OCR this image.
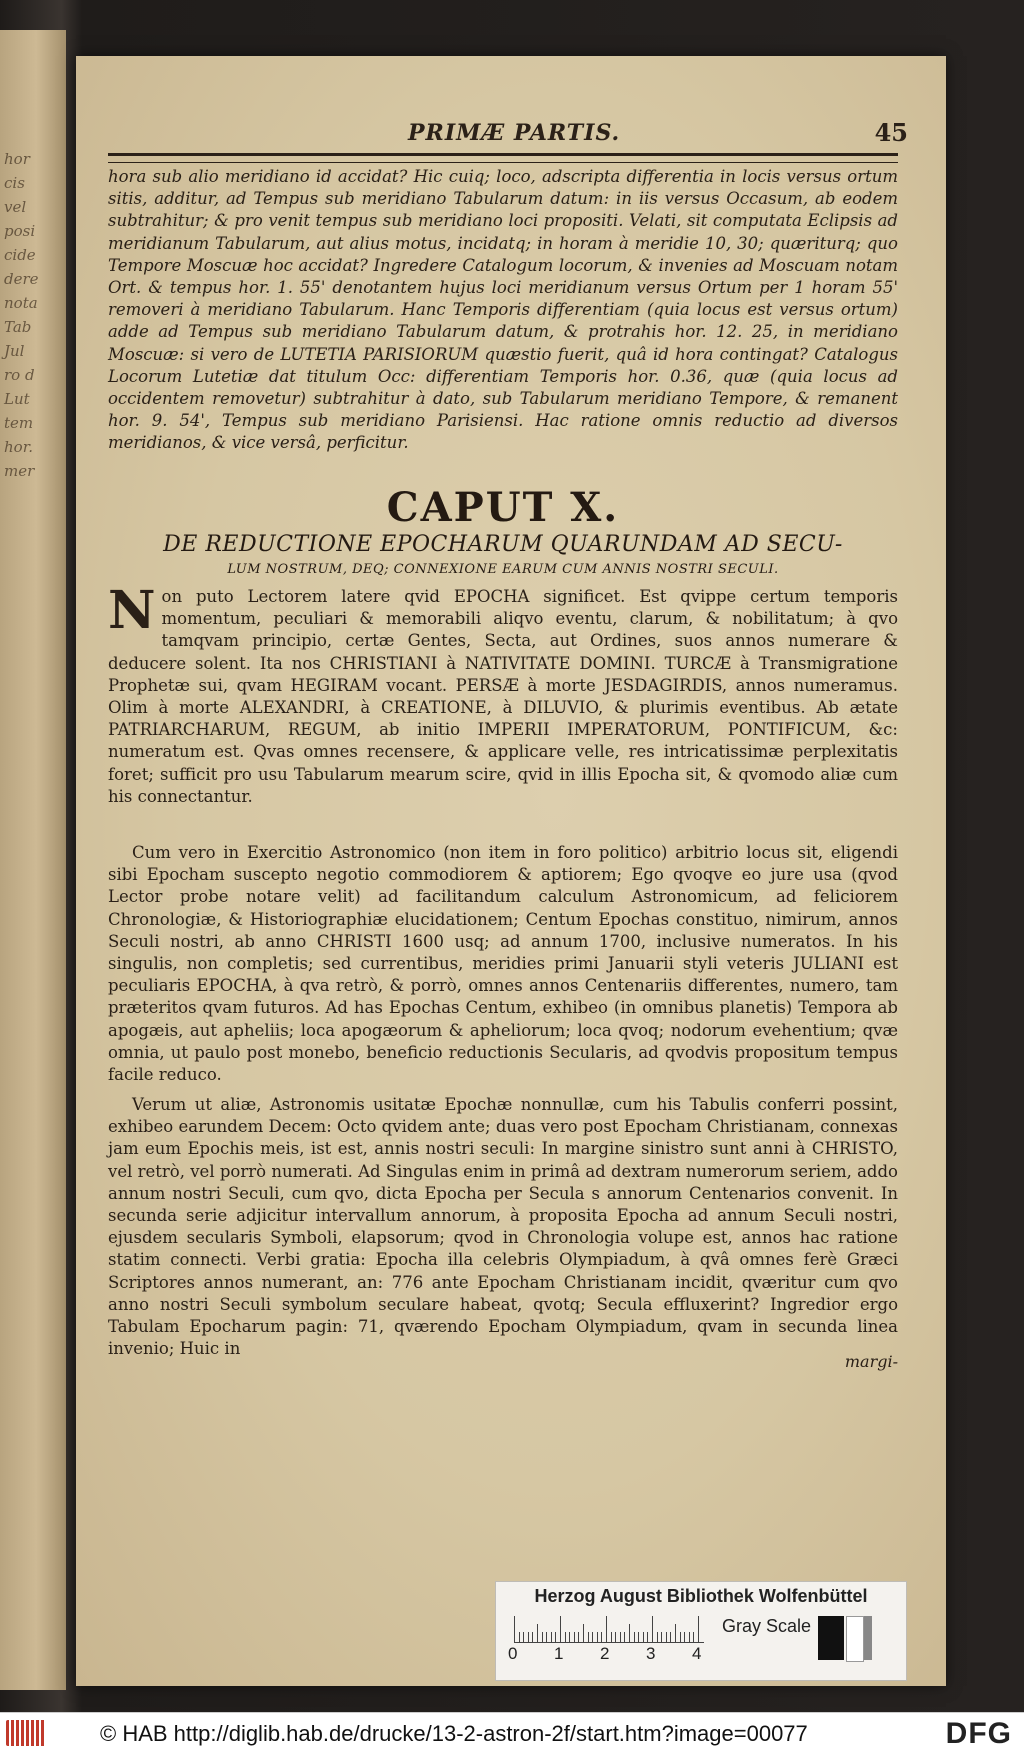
hor
cis
vel
posi
cide
dere
nota
Tab
Jul
ro d
Lut
tem
hor.
mer
PRIMÆ PARTIS.	45
hora sub alio meridiano id accidat? Hic cuiq; loco, adscripta differentia in locis versus ortum sitis, additur, ad Tempus sub meridiano Tabularum datum: in iis versus Occasum, ab eodem subtrahitur; & pro venit tempus sub meridiano loci propositi. Velati, sit computata Eclipsis ad meridianum Tabularum, aut alius motus, incidatq; in horam à meridie 10, 30; quæriturq; quo Tempore Moscuæ hoc accidat? Ingredere Catalogum locorum, & invenies ad Moscuam notam Ort. & tempus hor. 1. 55' denotantem hujus loci meridianum versus Ortum per 1 horam 55' removeri à meridiano Tabularum. Hanc Temporis differentiam (quia locus est versus ortum) adde ad Tempus sub meridiano Tabularum datum, & protrahis hor. 12. 25, in meridiano Moscuæ: si vero de LUTETIA PARISIORUM quæstio fuerit, quâ id hora contingat? Catalogus Locorum Lutetiæ dat titulum Occ: differentiam Temporis hor. 0.36, quæ (quia locus ad occidentem removetur) subtrahitur à dato, sub Tabularum meridiano Tempore, & remanent hor. 9. 54', Tempus sub meridiano Parisiensi. Hac ratione omnis reductio ad diversos meridianos, & vice versâ, perficitur.
CAPUT X.
DE REDUCTIONE EPOCHARUM QUARUNDAM AD SECU-
LUM NOSTRUM, DEQ; CONNEXIONE EARUM CUM ANNIS NOSTRI SECULI.
N on puto Lectorem latere qvid EPOCHA significet. Est qvippe certum temporis momentum, peculiari & memorabili aliqvo eventu, clarum, & nobilitatum; à qvo tamqvam principio, certæ Gentes, Secta, aut Ordines, suos annos numerare & deducere solent. Ita nos CHRISTIANI à NATIVITATE DOMINI. TURCÆ à Transmigratione Prophetæ sui, qvam HEGIRAM vocant. PERSÆ à morte JESDAGIRDIS, annos numeramus. Olim à morte ALEXANDRI, à CREATIONE, à DILUVIO, & plurimis eventibus. Ab ætate PATRIARCHARUM, REGUM, ab initio IMPERII IMPERATORUM, PONTIFICUM, &c: numeratum est. Qvas omnes recensere, & applicare velle, res intricatissimæ perplexitatis foret; sufficit pro usu Tabularum mearum scire, qvid in illis Epocha sit, & qvomodo aliæ cum his connectantur.
Cum vero in Exercitio Astronomico (non item in foro politico) arbitrio locus sit, eligendi sibi Epocham suscepto negotio commodiorem & aptiorem; Ego qvoqve eo jure usa (qvod Lector probe notare velit) ad facilitandum calculum Astronomicum, ad feliciorem Chronologiæ, & Historiographiæ elucidationem; Centum Epochas constituo, nimirum, annos Seculi nostri, ab anno CHRISTI 1600 usq; ad annum 1700, inclusive numeratos. In his singulis, non completis; sed currentibus, meridies primi Januarii styli veteris JULIANI est peculiaris EPOCHA, à qva retrò, & porrò, omnes annos Centenariis differentes, numero, tam præteritos qvam futuros. Ad has Epochas Centum, exhibeo (in omnibus planetis) Tempora ab apogæis, aut apheliis; loca apogæorum & apheliorum; loca qvoq; nodorum evehentium; qvæ omnia, ut paulo post monebo, beneficio reductionis Secularis, ad qvodvis propositum tempus facile reduco.
Verum ut aliæ, Astronomis usitatæ Epochæ nonnullæ, cum his Tabulis conferri possint, exhibeo earundem Decem: Octo qvidem ante; duas vero post Epocham Christianam, connexas jam eum Epochis meis, ist est, annis nostri seculi: In margine sinistro sunt anni à CHRISTO, vel retrò, vel porrò numerati. Ad Singulas enim in primâ ad dextram numerorum seriem, addo annum nostri Seculi, cum qvo, dicta Epocha per Secula s annorum Centenarios convenit. In secunda serie adjicitur intervallum annorum, à proposita Epocha ad annum Seculi nostri, ejusdem secularis Symboli, elapsorum; qvod in Chronologia volupe est, annos hac ratione statim connecti. Verbi gratia: Epocha illa celebris Olympiadum, à qvâ omnes ferè Græci Scriptores annos numerant, an: 776 ante Epocham Christianam incidit, qværitur cum qvo anno nostri Seculi symbolum seculare habeat, qvotq; Secula effluxerint? Ingredior ergo Tabulam Epocharum pagin: 71, qværendo Epocham Olympiadum, qvam in secunda linea invenio; Huic in
margi-
Herzog August Bibliothek Wolfenbüttel
0 1 2 3 4
Gray Scale
© HAB http://diglib.hab.de/drucke/13-2-astron-2f/start.htm?image=00077	DFG
